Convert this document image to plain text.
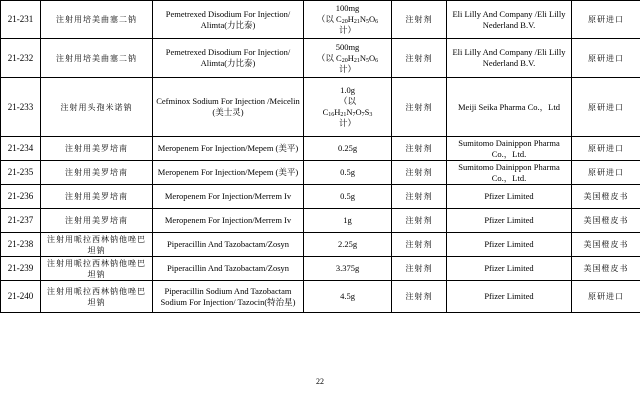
21-231	注射用培美曲塞二钠	Pemetrexed Disodium For Injection/ Alimta(力比泰)	100mg
（以 $C_{20}H_{21}N_5O_6$
计）	注射剂	Eli Lilly And Company /Eli Lilly Nederland B.V.	原研进口
21-232	注射用培美曲塞二钠	Pemetrexed Disodium For Injection/ Alimta(力比泰)	500mg
（以 $C_{20}H_{21}N_5O_6$
计）	注射剂	Eli Lilly And Company /Eli Lilly Nederland B.V.	原研进口
21-233	注射用头孢米诺钠	Cefminox Sodium For Injection /Meicelin (美士灵)	1.0g
（以
$C_{16}H_{21}N_7O_7S_3$
计）	注射剂	Meiji Seika Pharma Co.，Ltd	原研进口
21-234	注射用美罗培南	Meropenem For Injection/Mepem (美平)	0.25g	注射剂	Sumitomo Dainippon Pharma Co.，Ltd.	原研进口
21-235	注射用美罗培南	Meropenem For Injection/Mepem (美平)	0.5g	注射剂	Sumitomo Dainippon Pharma Co.，Ltd.	原研进口
21-236	注射用美罗培南	Meropenem For Injection/Merrem Iv	0.5g	注射剂	Pfizer Limited	美国橙皮书
21-237	注射用美罗培南	Meropenem For Injection/Merrem Iv	1g	注射剂	Pfizer Limited	美国橙皮书
21-238	注射用哌拉西林钠他唑巴坦钠	Piperacillin And Tazobactam/Zosyn	2.25g	注射剂	Pfizer Limited	美国橙皮书
21-239	注射用哌拉西林钠他唑巴坦钠	Piperacillin And Tazobactam/Zosyn	3.375g	注射剂	Pfizer Limited	美国橙皮书
21-240	注射用哌拉西林钠他唑巴坦钠	Piperacillin Sodium And Tazobactam Sodium For Injection/ Tazocin(特治星)	4.5g	注射剂	Pfizer Limited	原研进口
22
